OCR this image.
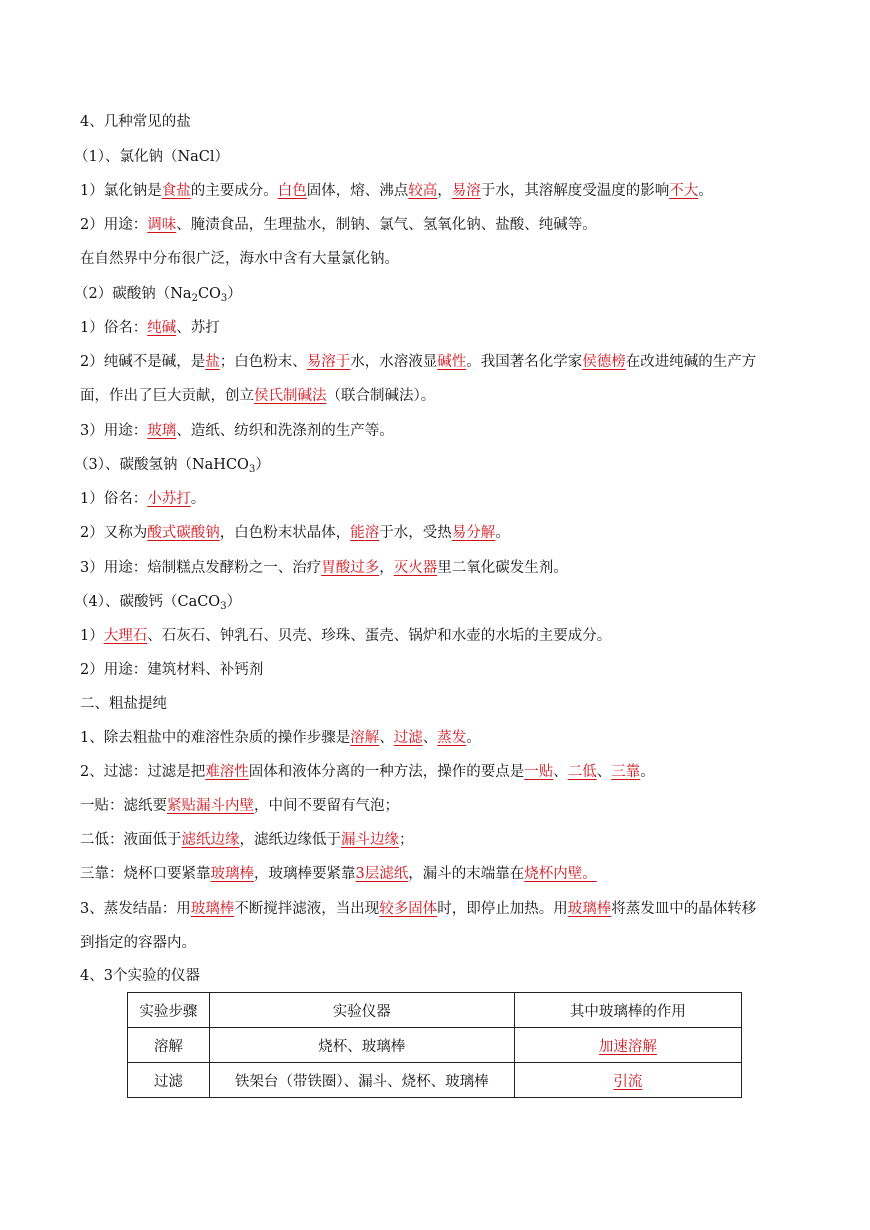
4、几种常见的盐
（1）、氯化钠（NaCl）
1）氯化钠是食盐的主要成分。白色固体，熔、沸点较高，易溶于水，其溶解度受温度的影响不大。
2）用途：调味、腌渍食品，生理盐水，制钠、氯气、氢氧化钠、盐酸、纯碱等。
在自然界中分布很广泛，海水中含有大量氯化钠。
（2）碳酸钠$(Na_2CO_3)$
1）俗名：纯碱、苏打
2）纯碱不是碱，是盐；白色粉末、易溶于水，水溶液显碱性。我国著名化学家侯德榜在改进纯碱的生产方
面，作出了巨大贡献，创立侯氏制碱法（联合制碱法）。
3）用途：玻璃、造纸、纺织和洗涤剂的生产等。
（3）、碳酸氢钠（NaHCO$_3$）
1）俗名：小苏打。
2）又称为酸式碳酸钠，白色粉末状晶体，能溶于水，受热易分解。
3）用途：焙制糕点发酵粉之一、治疗胃酸过多，灭火器里二氧化碳发生剂。
（4）、碳酸钙（CaCO$_3$）
1）大理石、石灰石、钟乳石、贝壳、珍珠、蛋壳、锅炉和水壶的水垢的主要成分。
2）用途：建筑材料、补钙剂
二、粗盐提纯
1、除去粗盐中的难溶性杂质的操作步骤是溶解、过滤、蒸发。
2、过滤：过滤是把难溶性固体和液体分离的一种方法，操作的要点是一贴、二低、三靠。
一贴：滤纸要紧贴漏斗内壁，中间不要留有气泡；
二低：液面低于滤纸边缘，滤纸边缘低于漏斗边缘；
三靠：烧杯口要紧靠玻璃棒，玻璃棒要紧靠3层滤纸，漏斗的末端靠在烧杯内壁。
3、蒸发结晶：用玻璃棒不断搅拌滤液，当出现较多固体时，即停止加热。用玻璃棒将蒸发皿中的晶体转移
到指定的容器内。
4、3个实验的仪器
实验步骤	实验仪器	其中玻璃棒的作用
溶解	烧杯、玻璃棒	加速溶解
过滤	铁架台（带铁圈）、漏斗、烧杯、玻璃棒	引流
